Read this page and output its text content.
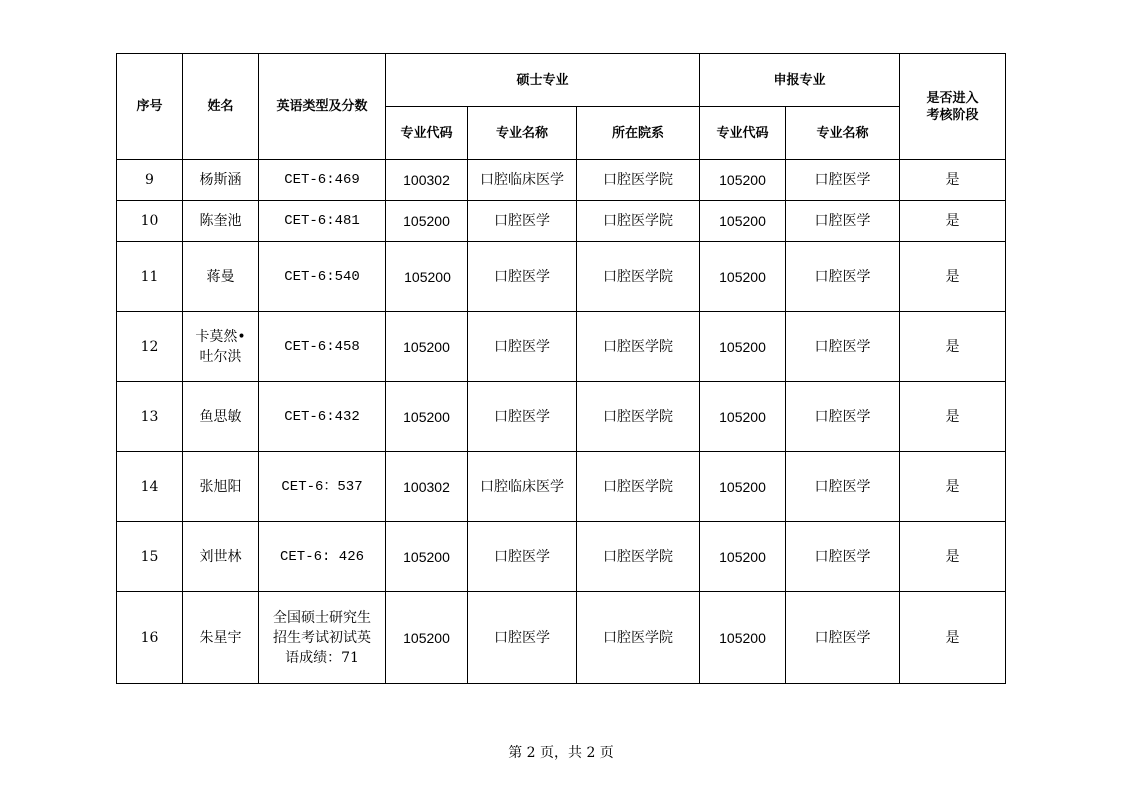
序号	姓名	英语类型及分数	硕士专业			申报专业		是否进入
考核阶段
			专业代码	专业名称	所在院系	专业代码	专业名称	
9	杨斯涵	CET-6:469	100302	口腔临床医学	口腔医学院	105200	口腔医学	是
10	陈奎池	CET-6:481	105200	口腔医学	口腔医学院	105200	口腔医学	是
11	蒋曼	CET-6:540	105200	口腔医学	口腔医学院	105200	口腔医学	是
12	卡莫然•
吐尔洪	CET-6:458	105200	口腔医学	口腔医学院	105200	口腔医学	是
13	鱼思敏	CET-6:432	105200	口腔医学	口腔医学院	105200	口腔医学	是
14	张旭阳	CET-6：537	100302	口腔临床医学	口腔医学院	105200	口腔医学	是
15	刘世林	CET-6: 426	105200	口腔医学	口腔医学院	105200	口腔医学	是
16	朱星宇	全国硕士研究生
招生考试初试英
语成绩：71	105200	口腔医学	口腔医学院	105200	口腔医学	是
第 2 页，共 2 页
